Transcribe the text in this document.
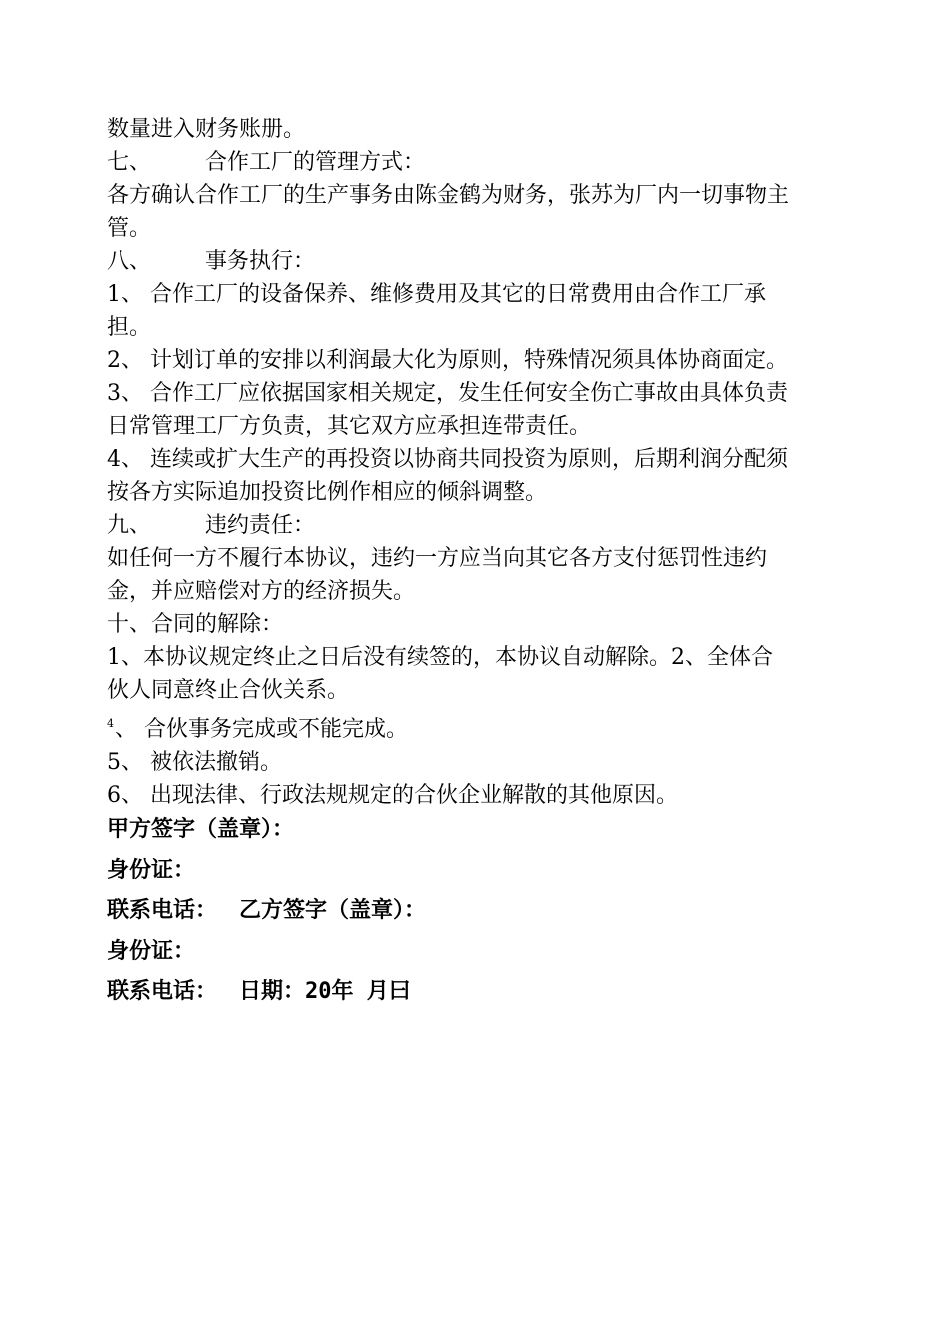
数量进入财务账册。
七、 合作工厂的管理方式：
各方确认合作工厂的生产事务由陈金鹤为财务，张苏为厂内一切事物主
管。
八、 事务执行：
1、 合作工厂的设备保养、维修费用及其它的日常费用由合作工厂承
担。
2、 计划订单的安排以利润最大化为原则，特殊情况须具体协商面定。
3、 合作工厂应依据国家相关规定，发生任何安全伤亡事故由具体负责
日常管理工厂方负责，其它双方应承担连带责任。
4、 连续或扩大生产的再投资以协商共同投资为原则，后期利润分配须
按各方实际追加投资比例作相应的倾斜调整。
九、 违约责任：
如任何一方不履行本协议，违约一方应当向其它各方支付惩罚性违约
金，并应赔偿对方的经济损失。
十、合同的解除：
1、本协议规定终止之日后没有续签的，本协议自动解除。2、全体合
伙人同意终止合伙关系。
4、 合伙事务完成或不能完成。
5、 被依法撤销。
6、 出现法律、行政法规规定的合伙企业解散的其他原因。
甲方签字（盖章）：
身份证：
联系电话： 乙方签字（盖章）：
身份证：
联系电话： 日期：20年 月曰
